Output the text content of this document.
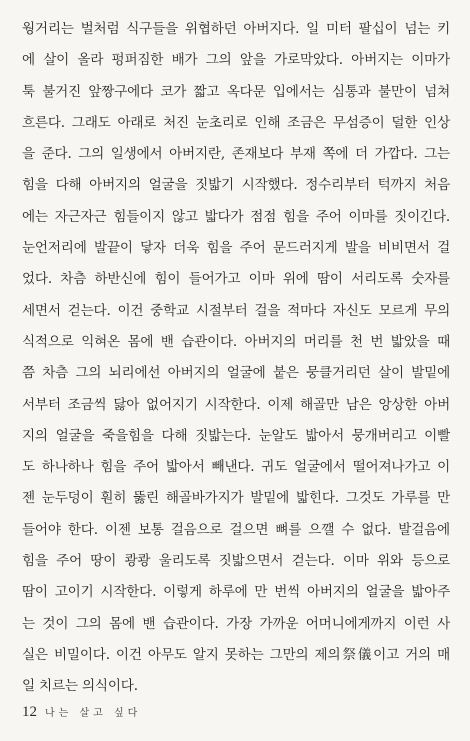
웡거리는 벌처럼 식구들을 위협하던 아버지다. 일 미터 팔십이 넘는 키
에 살이 올라 펑퍼짐한 배가 그의 앞을 가로막았다. 아버지는 이마가
툭 불거진 앞짱구에다 코가 짧고 옥다문 입에서는 심통과 불만이 넘쳐
흐른다. 그래도 아래로 처진 눈초리로 인해 조금은 무섬증이 덜한 인상
을 준다. 그의 일생에서 아버지란, 존재보다 부재 쪽에 더 가깝다. 그는
힘을 다해 아버지의 얼굴을 짓밟기 시작했다. 정수리부터 턱까지 처음
에는 자근자근 힘들이지 않고 밟다가 점점 힘을 주어 이마를 짓이긴다.
눈언저리에 발끝이 닿자 더욱 힘을 주어 문드러지게 발을 비비면서 걸
었다. 차츰 하반신에 힘이 들어가고 이마 위에 땀이 서리도록 숫자를
세면서 걷는다. 이건 중학교 시절부터 걸을 적마다 자신도 모르게 무의
식적으로 익혀온 몸에 밴 습관이다. 아버지의 머리를 천 번 밟았을 때
쯤 차츰 그의 뇌리에선 아버지의 얼굴에 붙은 뭉클거리던 살이 발밑에
서부터 조금씩 닳아 없어지기 시작한다. 이제 해골만 남은 앙상한 아버
지의 얼굴을 죽을힘을 다해 짓밟는다. 눈알도 밟아서 뭉개버리고 이빨
도 하나하나 힘을 주어 밟아서 빼낸다. 귀도 얼굴에서 떨어져나가고 이
젠 눈두덩이 훤히 뚫린 해골바가지가 발밑에 밟힌다. 그것도 가루를 만
들어야 한다. 이젠 보통 걸음으로 걸으면 뼈를 으깰 수 없다. 발걸음에
힘을 주어 땅이 쾅쾅 울리도록 짓밟으면서 걷는다. 이마 위와 등으로
땀이 고이기 시작한다. 이렇게 하루에 만 번씩 아버지의 얼굴을 밟아주
는 것이 그의 몸에 밴 습관이다. 가장 가까운 어머니에게까지 이런 사
실은 비밀이다. 이건 아무도 알지 못하는 그만의 제의祭儀이고 거의 매
일 치르는 의식이다.
12 나는 살고 싶다
